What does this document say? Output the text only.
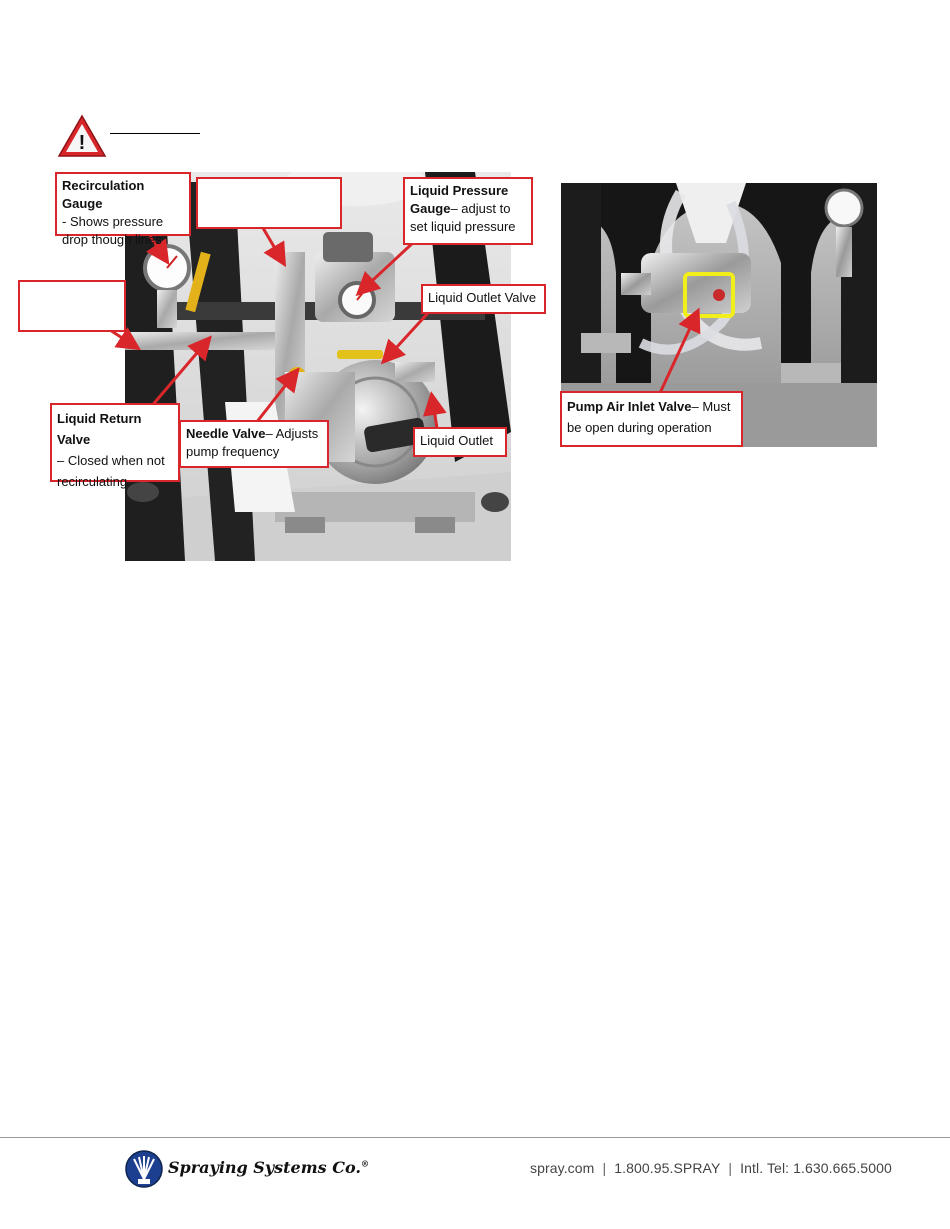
!
Recirculation Gauge
- Shows pressure
drop though lines
Liquid Pressure
Gauge– adjust to
set liquid pressure
Liquid Outlet Valve
Liquid Return Valve
– Closed when not
recirculating
Needle Valve– Adjusts
pump frequency
Liquid Outlet
Pump Air Inlet Valve– Must
be open during operation
Spraying Systems Co.®	spray.com | 1.800.95.SPRAY | Intl. Tel: 1.630.665.5000
